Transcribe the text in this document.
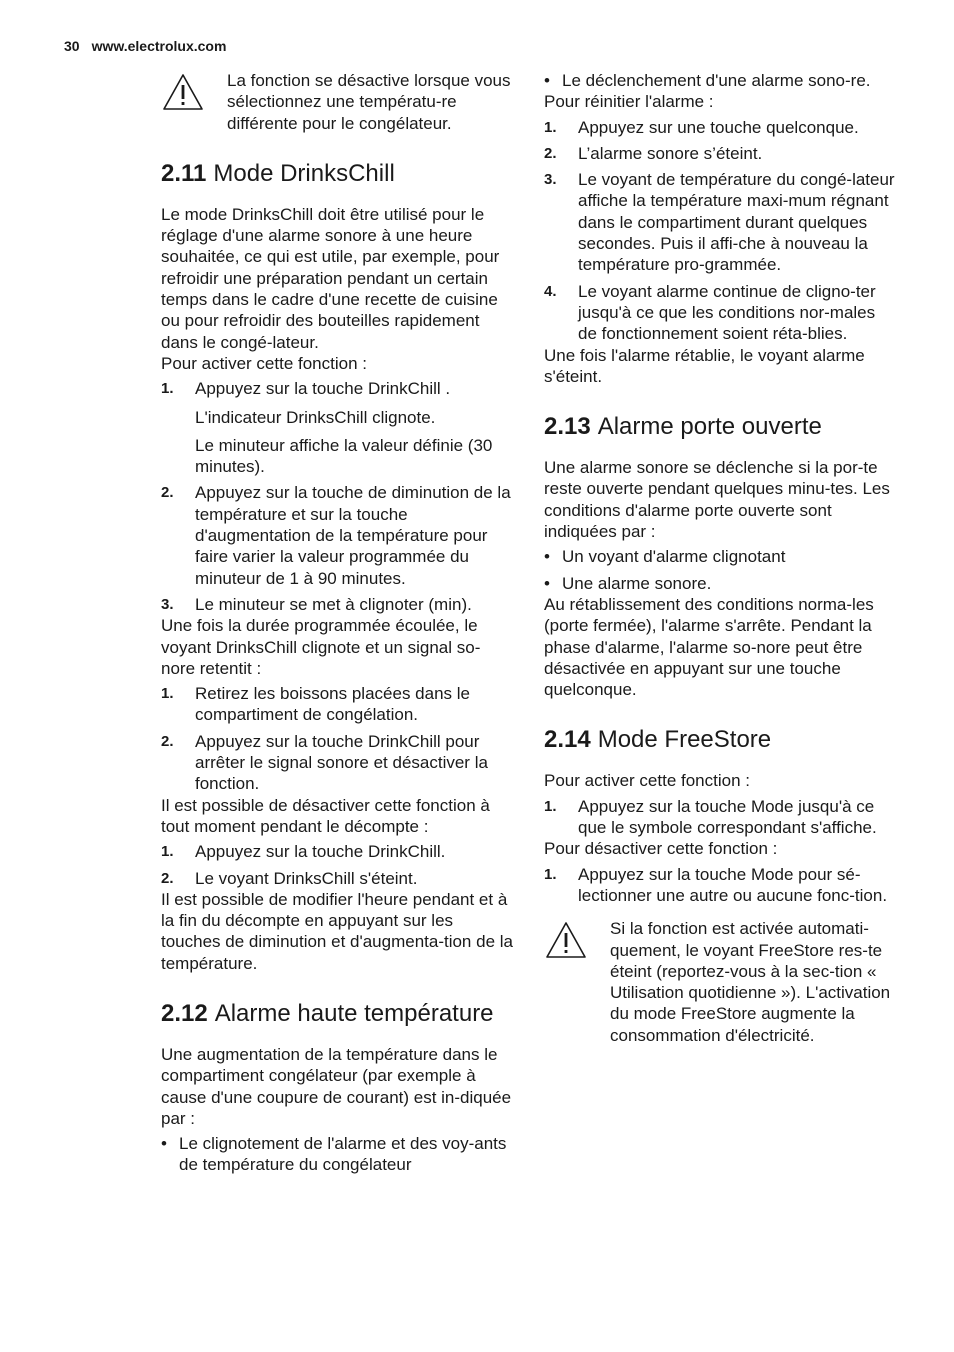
30 www.electrolux.com

La fonction se désactive lorsque vous sélectionnez une températu-re différente pour le congélateur.

2.11 Mode DrinksChill

Le mode DrinksChill doit être utilisé pour le réglage d'une alarme sonore à une heure souhaitée, ce qui est utile, par exemple, pour refroidir une préparation pendant un certain temps dans le cadre d'une recette de cuisine ou pour refroidir des bouteilles rapidement dans le congé-lateur.

Pour activer cette fonction :

1.	Appuyez sur la touche DrinkChill .

L'indicateur DrinksChill clignote.

Le minuteur affiche la valeur définie (30 minutes).

2.	Appuyez sur la touche de diminution de la température et sur la touche d'augmentation de la température pour faire varier la valeur programmée du minuteur de 1 à 90 minutes.
3.	Le minuteur se met à clignoter (min).

Une fois la durée programmée écoulée, le voyant DrinksChill clignote et un signal so-nore retentit :

1.	Retirez les boissons placées dans le compartiment de congélation.
2.	Appuyez sur la touche DrinkChill pour arrêter le signal sonore et désactiver la fonction.

Il est possible de désactiver cette fonction à tout moment pendant le décompte :

1.	Appuyez sur la touche DrinkChill.
2.	Le voyant DrinksChill s'éteint.

Il est possible de modifier l'heure pendant et à la fin du décompte en appuyant sur les touches de diminution et d'augmenta-tion de la température.

2.12 Alarme haute température

Une augmentation de la température dans le compartiment congélateur (par exemple à cause d'une coupure de courant) est in-diquée par :

• Le clignotement de l'alarme et des voy-ants de température du congélateur
• Le déclenchement d'une alarme sono-re.

Pour réinitier l'alarme :

1.	Appuyez sur une touche quelconque.
2.	L’alarme sonore s’éteint.
3.	Le voyant de température du congé-lateur affiche la température maxi-mum régnant dans le compartiment durant quelques secondes. Puis il affi-che à nouveau la température pro-grammée.
4.	Le voyant alarme continue de cligno-ter jusqu'à ce que les conditions nor-males de fonctionnement soient réta-blies.

Une fois l'alarme rétablie, le voyant alarme s'éteint.

2.13 Alarme porte ouverte

Une alarme sonore se déclenche si la por-te reste ouverte pendant quelques minu-tes. Les conditions d'alarme porte ouverte sont indiquées par :

• Un voyant d'alarme clignotant
• Une alarme sonore.

Au rétablissement des conditions norma-les (porte fermée), l'alarme s'arrête. Pendant la phase d'alarme, l'alarme so-nore peut être désactivée en appuyant sur une touche quelconque.

2.14 Mode FreeStore

Pour activer cette fonction :

1.	Appuyez sur la touche Mode jusqu'à ce que le symbole correspondant s'affiche.

Pour désactiver cette fonction :

1.	Appuyez sur la touche Mode pour sé-lectionner une autre ou aucune fonc-tion.

Si la fonction est activée automati-quement, le voyant FreeStore res-te éteint (reportez-vous à la sec-tion « Utilisation quotidienne »). L'activation du mode FreeStore augmente la consommation d'électricité.
